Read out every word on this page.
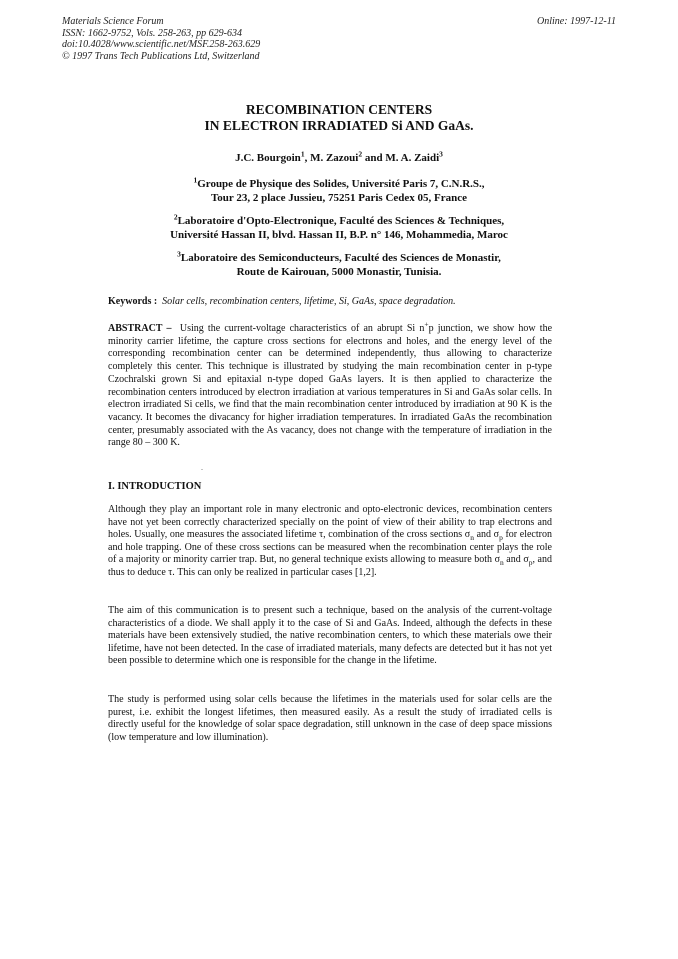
Materials Science Forum
ISSN: 1662-9752, Vols. 258-263, pp 629-634
doi:10.4028/www.scientific.net/MSF.258-263.629
© 1997 Trans Tech Publications Ltd, Switzerland
Online: 1997-12-11
RECOMBINATION CENTERS
IN ELECTRON IRRADIATED Si AND GaAs.
J.C. Bourgoin$^1$, M. Zazoui$^2$ and M. A. Zaidi$^3$
$^1$Groupe de Physique des Solides, Université Paris 7, C.N.R.S.,
Tour 23, 2 place Jussieu, 75251 Paris Cedex 05, France
$^2$Laboratoire d'Opto-Electronique, Faculté des Sciences & Techniques,
Université Hassan II, blvd. Hassan II, B.P. n° 146, Mohammedia, Maroc
$^3$Laboratoire des Semiconducteurs, Faculté des Sciences de Monastir,
Route de Kairouan, 5000 Monastir, Tunisia.
Keywords : Solar cells, recombination centers, lifetime, Si, GaAs, space degradation.
ABSTRACT – Using the current-voltage characteristics of an abrupt Si n+p junction, we show how the minority carrier lifetime, the capture cross sections for electrons and holes, and the energy level of the corresponding recombination center can be determined independently, thus allowing to characterize completely this center. This technique is illustrated by studying the main recombination center in p-type Czochralski grown Si and epitaxial n-type doped GaAs layers. It is then applied to characterize the recombination centers introduced by electron irradiation at various temperatures in Si and GaAs solar cells. In electron irradiated Si cells, we find that the main recombination center introduced by irradiation at 90 K is the vacancy. It becomes the divacancy for higher irradiation temperatures. In irradiated GaAs the recombination center, presumably associated with the As vacancy, does not change with the temperature of irradiation in the range 80 – 300 K.
.
I. INTRODUCTION
Although they play an important role in many electronic and opto-electronic devices, recombination centers have not yet been correctly characterized specially on the point of view of their ability to trap electrons and holes. Usually, one measures the associated lifetime τ, combination of the cross sections $\sigma_n$ and $\sigma_p$ for electron and hole trapping. One of these cross sections can be measured when the recombination center plays the role of a majority or minority carrier trap. But, no general technique exists allowing to measure both $\sigma_n$ and $\sigma_p$, and thus to deduce τ. This can only be realized in particular cases [1,2].
The aim of this communication is to present such a technique, based on the analysis of the current-voltage characteristics of a diode. We shall apply it to the case of Si and GaAs. Indeed, although the defects in these materials have been extensively studied, the native recombination centers, to which these materials owe their lifetime, have not been detected. In the case of irradiated materials, many defects are detected but it has not yet been possible to determine which one is responsible for the change in the lifetime.
The study is performed using solar cells because the lifetimes in the materials used for solar cells are the purest, i.e. exhibit the longest lifetimes, then measured easily. As a result the study of irradiated cells is directly useful for the knowledge of solar space degradation, still unknown in the case of deep space missions (low temperature and low illumination).
